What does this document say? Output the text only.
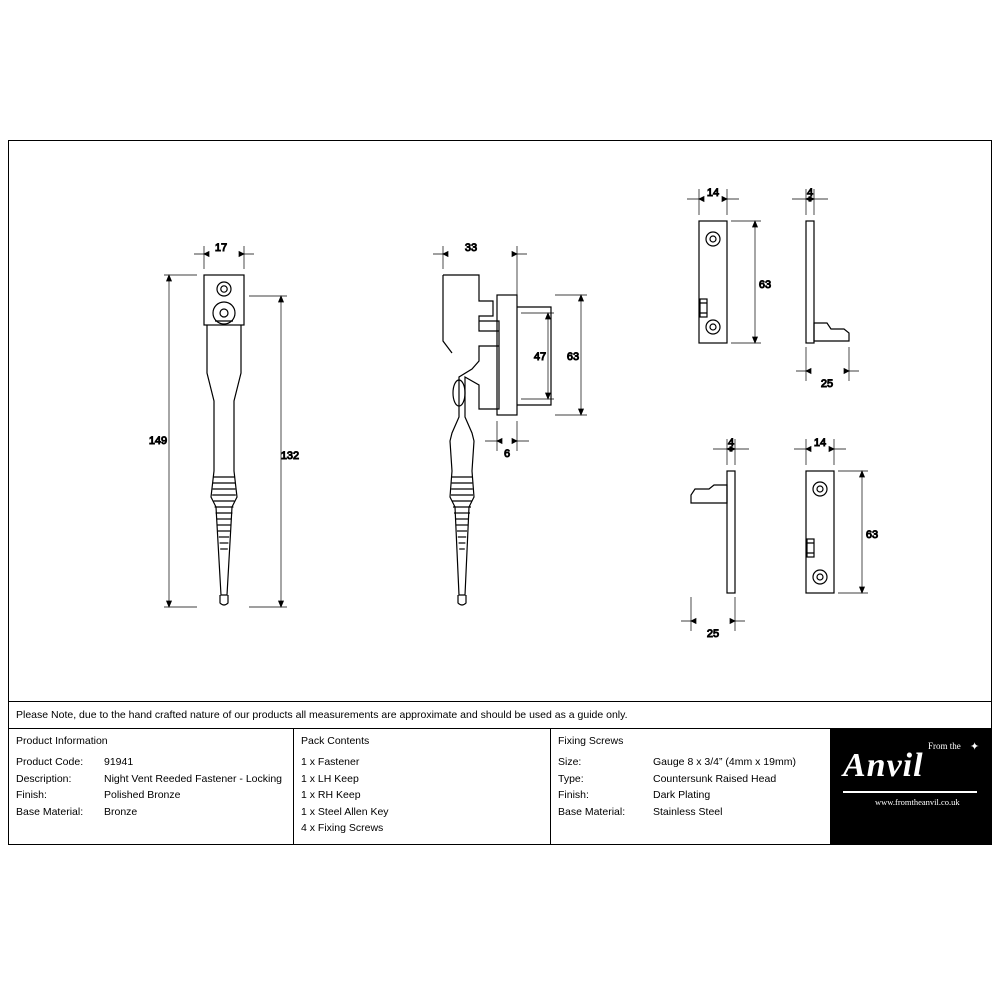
17
149
132
33
47 63
6
14
63
4
25
4
25
14
63
Please Note, due to the hand crafted nature of our products all measurements are approximate and should be used as a guide only.
Product Information
Product Code:	91941
Description:	Night Vent Reeded Fastener - Locking
Finish:	Polished Bronze
Base Material:	Bronze
Pack Contents
1 x Fastener
1 x LH Keep
1 x RH Keep
1 x Steel Allen Key
4 x Fixing Screws
Fixing Screws
Size:	Gauge 8 x 3/4” (4mm x 19mm)
Type:	Countersunk Raised Head
Finish:	Dark Plating
Base Material:	Stainless Steel
From the ✦
Anvil
www.fromtheanvil.co.uk
